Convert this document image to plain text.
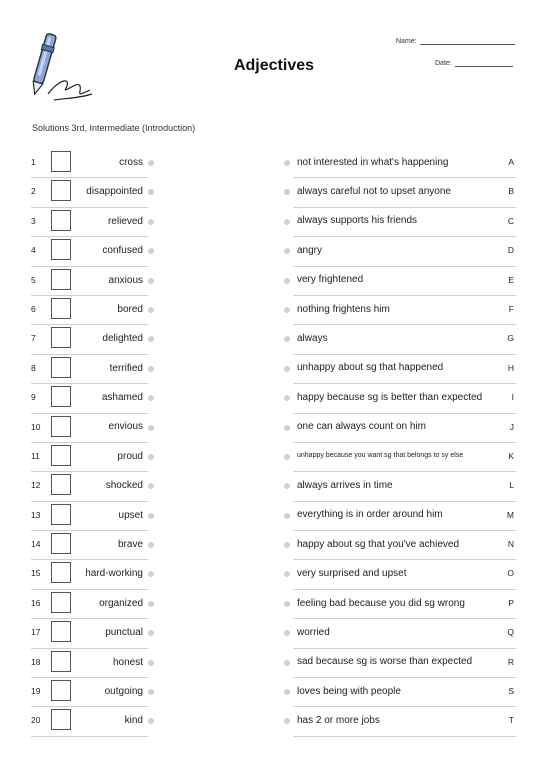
Adjectives
Name:
Date:
Solutions 3rd, Intermediate (Introduction)
1	cross	not interested in what's happening	A
2	disappointed	always careful not to upset anyone	B
3	relieved	always supports his friends	C
4	confused	angry	D
5	anxious	very frightened	E
6	bored	nothing frightens him	F
7	delighted	always	G
8	terrified	unhappy about sg that happened	H
9	ashamed	happy because sg is better than expected	I
10	envious	one can always count on him	J
11	proud	unhappy because you want sg that belongs to sy else	K
12	shocked	always arrives in time	L
13	upset	everything is in order around him	M
14	brave	happy about sg that you've achieved	N
15	hard-working	very surprised and upset	O
16	organized	feeling bad because you did sg wrong	P
17	punctual	worried	Q
18	honest	sad because sg is worse than expected	R
19	outgoing	loves being with people	S
20	kind	has 2 or more jobs	T
